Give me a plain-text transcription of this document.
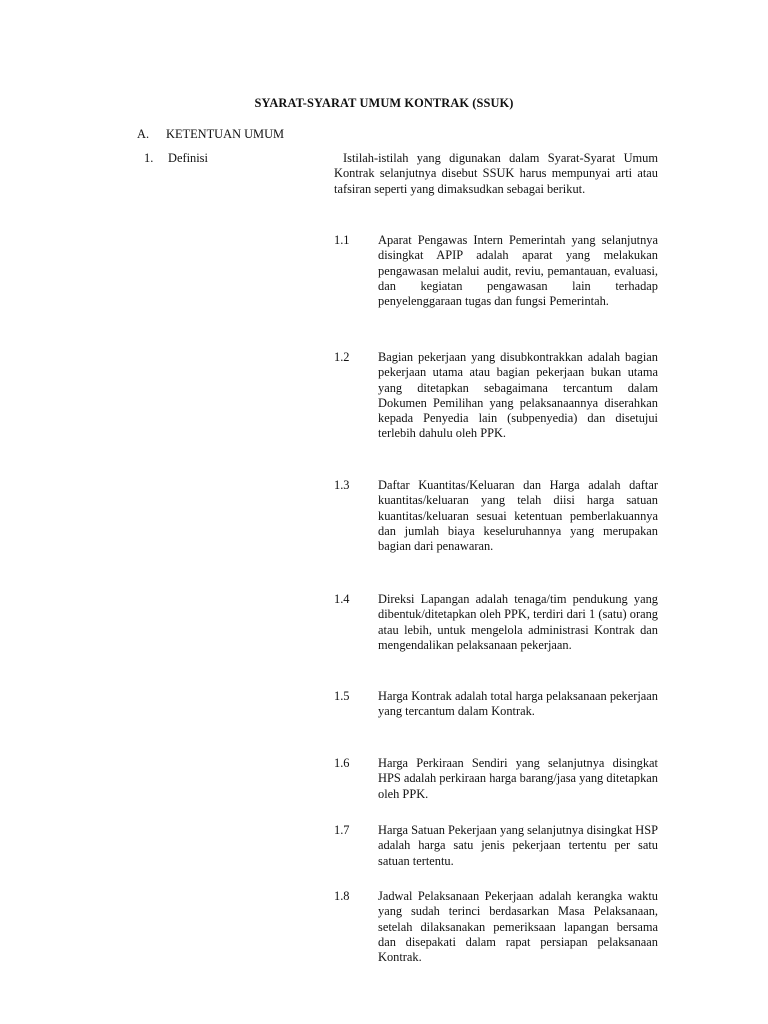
SYARAT-SYARAT UMUM KONTRAK (SSUK)
A.	KETENTUAN UMUM
1. Definisi	Istilah-istilah yang digunakan dalam Syarat-Syarat Umum Kontrak selanjutnya disebut SSUK harus mempunyai arti atau tafsiran seperti yang dimaksudkan sebagai berikut.
1.1 Aparat Pengawas Intern Pemerintah yang selanjutnya disingkat APIP adalah aparat yang melakukan pengawasan melalui audit, reviu, pemantauan, evaluasi, dan kegiatan pengawasan lain terhadap penyelenggaraan tugas dan fungsi Pemerintah.
1.2 Bagian pekerjaan yang disubkontrakkan adalah bagian pekerjaan utama atau bagian pekerjaan bukan utama yang ditetapkan sebagaimana tercantum dalam Dokumen Pemilihan yang pelaksanaannya diserahkan kepada Penyedia lain (subpenyedia) dan disetujui terlebih dahulu oleh PPK.
1.3 Daftar Kuantitas/Keluaran dan Harga adalah daftar kuantitas/keluaran yang telah diisi harga satuan kuantitas/keluaran sesuai ketentuan pemberlakuannya dan jumlah biaya keseluruhannya yang merupakan bagian dari penawaran.
1.4 Direksi Lapangan adalah tenaga/tim pendukung yang dibentuk/ditetapkan oleh PPK, terdiri dari 1 (satu) orang atau lebih, untuk mengelola administrasi Kontrak dan mengendalikan pelaksanaan pekerjaan.
1.5 Harga Kontrak adalah total harga pelaksanaan pekerjaan yang tercantum dalam Kontrak.
1.6 Harga Perkiraan Sendiri yang selanjutnya disingkat HPS adalah perkiraan harga barang/jasa yang ditetapkan oleh PPK.
1.7 Harga Satuan Pekerjaan yang selanjutnya disingkat HSP adalah harga satu jenis pekerjaan tertentu per satu satuan tertentu.
1.8 Jadwal Pelaksanaan Pekerjaan adalah kerangka waktu yang sudah terinci berdasarkan Masa Pelaksanaan, setelah dilaksanakan pemeriksaan lapangan bersama dan disepakati dalam rapat persiapan pelaksanaan Kontrak.
